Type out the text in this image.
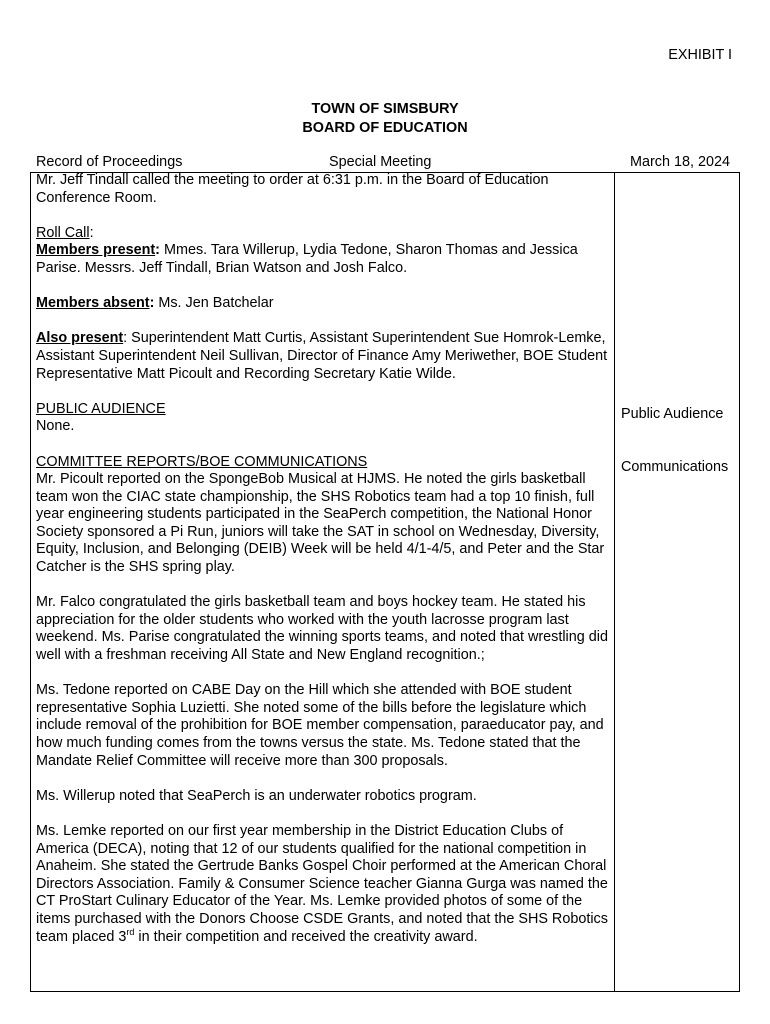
EXHIBIT I
TOWN OF SIMSBURY
BOARD OF EDUCATION
Record of Proceedings	Special Meeting	March 18, 2024

Mr. Jeff Tindall called the meeting to order at 6:31 p.m. in the Board of Education Conference Room.

Roll Call:
Members present: Mmes. Tara Willerup, Lydia Tedone, Sharon Thomas and Jessica Parise. Messrs. Jeff Tindall, Brian Watson and Josh Falco.

Members absent: Ms. Jen Batchelar

Also present: Superintendent Matt Curtis, Assistant Superintendent Sue Homrok-Lemke, Assistant Superintendent Neil Sullivan, Director of Finance Amy Meriwether, BOE Student Representative Matt Picoult and Recording Secretary Katie Wilde.

PUBLIC AUDIENCE
None.

COMMITTEE REPORTS/BOE COMMUNICATIONS
Mr. Picoult reported on the SpongeBob Musical at HJMS. He noted the girls basketball team won the CIAC state championship, the SHS Robotics team had a top 10 finish, full year engineering students participated in the SeaPerch competition, the National Honor Society sponsored a Pi Run, juniors will take the SAT in school on Wednesday, Diversity, Equity, Inclusion, and Belonging (DEIB) Week will be held 4/1-4/5, and Peter and the Star Catcher is the SHS spring play.

Mr. Falco congratulated the girls basketball team and boys hockey team. He stated his appreciation for the older students who worked with the youth lacrosse program last weekend. Ms. Parise congratulated the winning sports teams, and noted that wrestling did well with a freshman receiving All State and New England recognition.;

Ms. Tedone reported on CABE Day on the Hill which she attended with BOE student representative Sophia Luzietti. She noted some of the bills before the legislature which include removal of the prohibition for BOE member compensation, paraeducator pay, and how much funding comes from the towns versus the state. Ms. Tedone stated that the Mandate Relief Committee will receive more than 300 proposals.

Ms. Willerup noted that SeaPerch is an underwater robotics program.

Ms. Lemke reported on our first year membership in the District Education Clubs of America (DECA), noting that 12 of our students qualified for the national competition in Anaheim. She stated the Gertrude Banks Gospel Choir performed at the American Choral Directors Association. Family & Consumer Science teacher Gianna Gurga was named the CT ProStart Culinary Educator of the Year. Ms. Lemke provided photos of some of the items purchased with the Donors Choose CSDE Grants, and noted that the SHS Robotics team placed 3rd in their competition and received the creativity award.

Public Audience
Communications
